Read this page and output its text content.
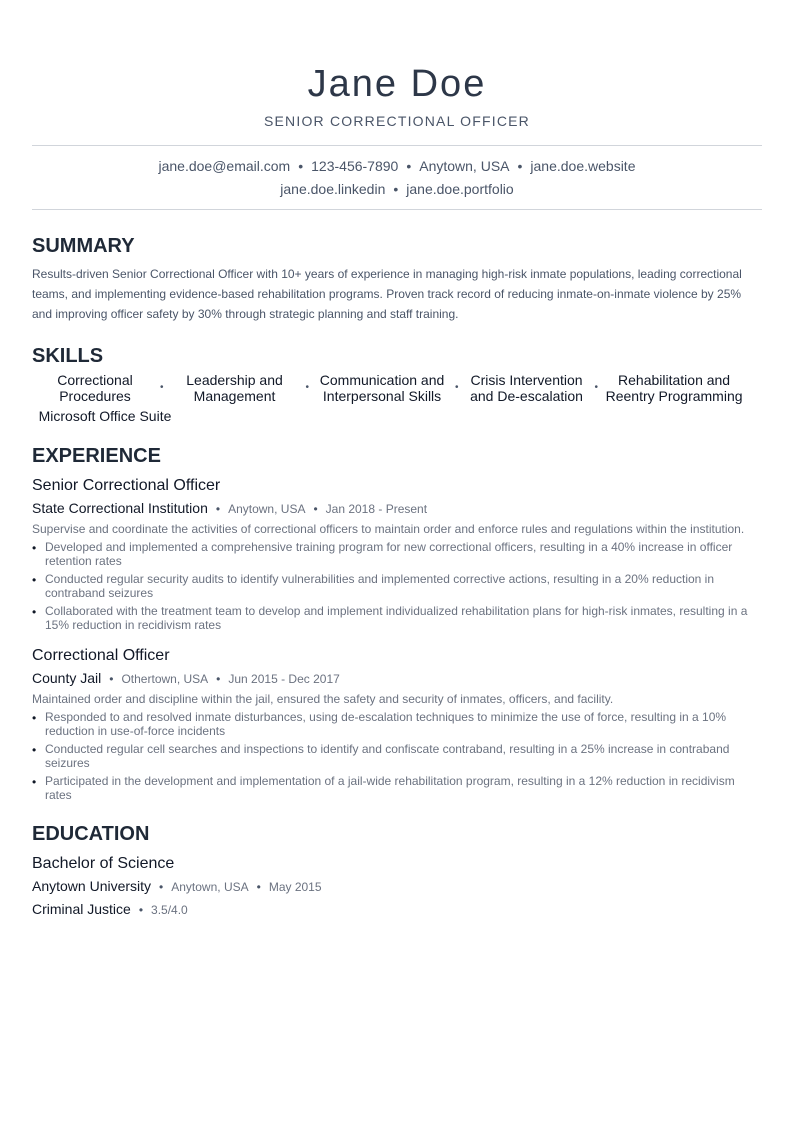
Jane Doe
SENIOR CORRECTIONAL OFFICER
jane.doe@email.com • 123-456-7890 • Anytown, USA • jane.doe.website
jane.doe.linkedin • jane.doe.portfolio
SUMMARY
Results-driven Senior Correctional Officer with 10+ years of experience in managing high-risk inmate populations, leading correctional teams, and implementing evidence-based rehabilitation programs. Proven track record of reducing inmate-on-inmate violence by 25% and improving officer safety by 30% through strategic planning and staff training.
SKILLS
Correctional Procedures
•	Leadership and Management
• Communication and Interpersonal Skills
• Crisis Intervention and De-escalation
•	Rehabilitation and Reentry Programming
Microsoft Office Suite
EXPERIENCE
Senior Correctional Officer
State Correctional Institution • Anytown, USA • Jan 2018 - Present
Supervise and coordinate the activities of correctional officers to maintain order and enforce rules and regulations within the institution.
• Developed and implemented a comprehensive training program for new correctional officers, resulting in a 40% increase in officer retention rates
• Conducted regular security audits to identify vulnerabilities and implemented corrective actions, resulting in a 20% reduction in contraband seizures
• Collaborated with the treatment team to develop and implement individualized rehabilitation plans for high-risk inmates, resulting in a 15% reduction in recidivism rates
Correctional Officer
County Jail • Othertown, USA • Jun 2015 - Dec 2017
Maintained order and discipline within the jail, ensured the safety and security of inmates, officers, and facility.
• Responded to and resolved inmate disturbances, using de-escalation techniques to minimize the use of force, resulting in a 10% reduction in use-of-force incidents
• Conducted regular cell searches and inspections to identify and confiscate contraband, resulting in a 25% increase in contraband seizures
• Participated in the development and implementation of a jail-wide rehabilitation program, resulting in a 12% reduction in recidivism rates
EDUCATION
Bachelor of Science
Anytown University • Anytown, USA • May 2015
Criminal Justice • 3.5/4.0
